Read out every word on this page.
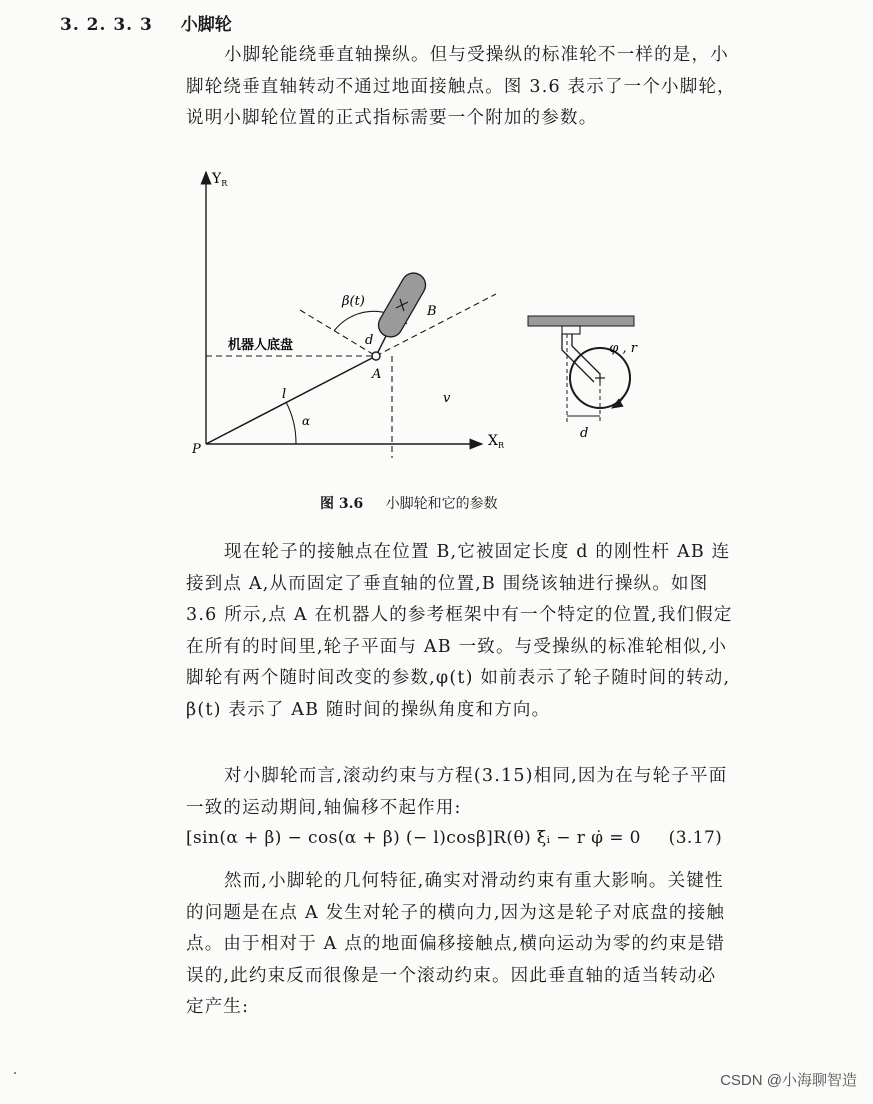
3. 2. 3. 3 小脚轮
小脚轮能绕垂直轴操纵。但与受操纵的标准轮不一样的是，小
脚轮绕垂直轴转动不通过地面接触点。图 3.6 表示了一个小脚轮，
说明小脚轮位置的正式指标需要一个附加的参数。
$Y_R$
$X_R$
β(t)
B
d
A
机器人底盘
l
α
v
P
φ , r
d
图 3.6 小脚轮和它的参数
现在轮子的接触点在位置 B,它被固定长度 d 的刚性杆 AB 连
接到点 A,从而固定了垂直轴的位置,B 围绕该轴进行操纵。如图
3.6 所示,点 A 在机器人的参考框架中有一个特定的位置,我们假定
在所有的时间里,轮子平面与 AB 一致。与受操纵的标准轮相似,小
脚轮有两个随时间改变的参数,φ(t) 如前表示了轮子随时间的转动,
β(t) 表示了 AB 随时间的操纵角度和方向。
对小脚轮而言,滚动约束与方程(3.15)相同,因为在与轮子平面
一致的运动期间,轴偏移不起作用:
[sin(α + β) − cos(α + β) (− l)cosβ]R(θ) ξ̇ᵢ − r φ̇ = 0 (3.17)
然而,小脚轮的几何特征,确实对滑动约束有重大影响。关键性
的问题是在点 A 发生对轮子的横向力,因为这是轮子对底盘的接触
点。由于相对于 A 点的地面偏移接触点,横向运动为零的约束是错
误的,此约束反而很像是一个滚动约束。因此垂直轴的适当转动必
定产生:
CSDN @小海聊智造
